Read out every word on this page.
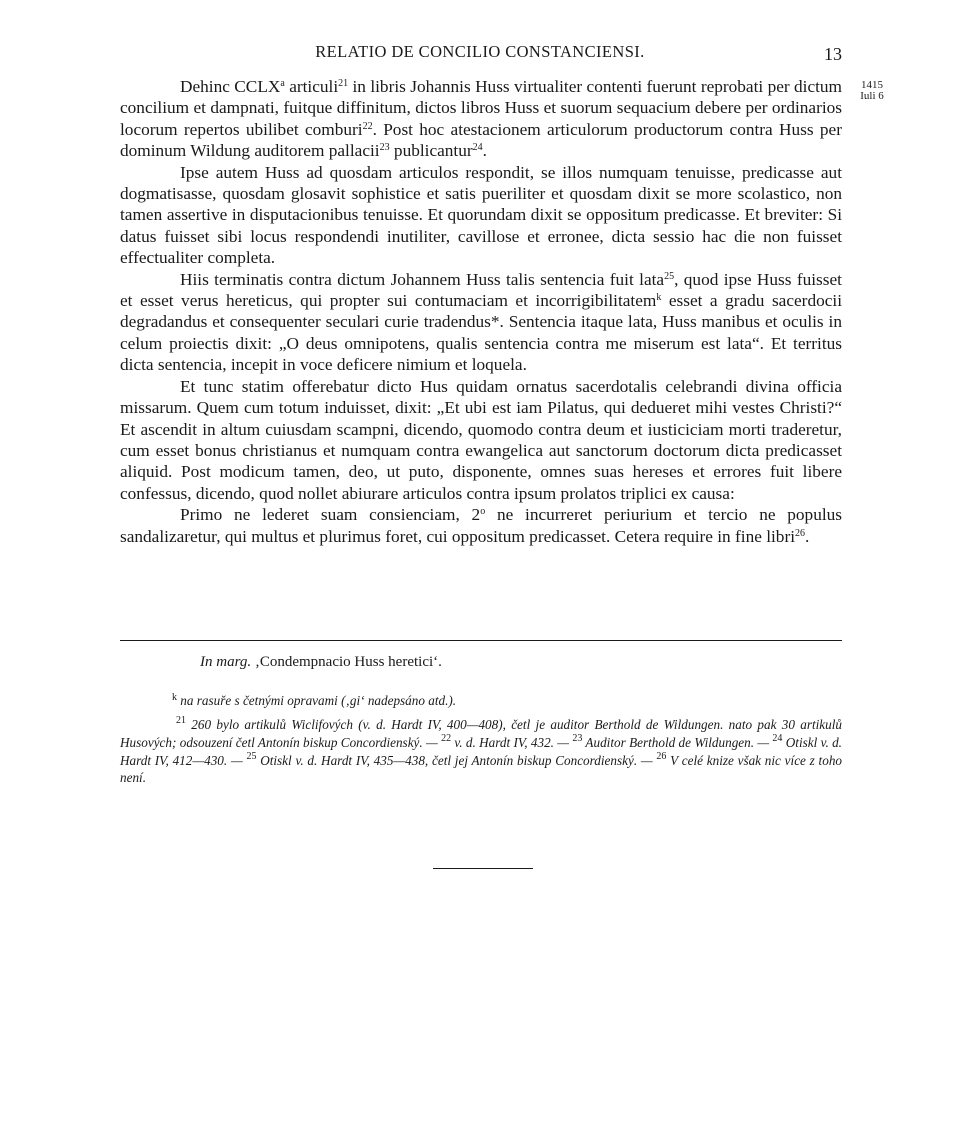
RELATIO DE CONCILIO CONSTANCIENSI.	13
1415
Iuli 6

Dehinc CCLX$^a$ articuli$^{21}$ in libris Johannis Huss virtualiter contenti fuerunt reprobati per dictum concilium et dampnati, fuitque diffinitum, dictos libros Huss et suorum sequacium debere per ordinarios locorum repertos ubilibet comburi$^{22}$. Post hoc atestacionem articulorum productorum contra Huss per dominum Wildung auditorem pallacii$^{23}$ publicantur$^{24}$.

Ipse autem Huss ad quosdam articulos respondit, se illos numquam tenuisse, predicasse aut dogmatisasse, quosdam glosavit sophistice et satis pueriliter et quosdam dixit se more scolastico, non tamen assertive in disputacionibus tenuisse. Et quorundam dixit se oppositum predicasse. Et breviter: Si datus fuisset sibi locus respondendi inutiliter, cavillose et erronee, dicta sessio hac die non fuisset effectualiter completa.

Hiis terminatis contra dictum Johannem Huss talis sentencia fuit lata$^{25}$, quod ipse Huss fuisset et esset verus hereticus, qui propter sui contumaciam et incorrigibilitatem$^k$ esset a gradu sacerdocii degradandus et consequenter seculari curie tradendus*. Sentencia itaque lata, Huss manibus et oculis in celum proiectis dixit: „O deus omnipotens, qualis sentencia contra me miserum est lata“. Et territus dicta sentencia, incepit in voce deficere nimium et loquela.

Et tunc statim offerebatur dicto Hus quidam ornatus sacerdotalis celebrandi divina officia missarum. Quem cum totum induisset, dixit: „Et ubi est iam Pilatus, qui dedueret mihi vestes Christi?“ Et ascendit in altum cuiusdam scampni, dicendo, quomodo contra deum et iusticiciam morti traderetur, cum esset bonus christianus et numquam contra ewangelica aut sanctorum doctorum dicta predicasset aliquid. Post modicum tamen, deo, ut puto, disponente, omnes suas hereses et errores fuit libere confessus, dicendo, quod nollet abiurare articulos contra ipsum prolatos triplici ex causa:

Primo ne lederet suam consienciam, 2$^o$ ne incurreret periurium et tercio ne populus sandalizaretur, qui multus et plurimus foret, cui oppositum predicasset. Cetera require in fine libri$^{26}$.

In marg. ‚Condempnacio Huss heretici‘.
$^k$ na rasuře s četnými opravami (‚gi‘ nadepsáno atd.).
$^{21}$ 260 bylo artikulů Wiclifových (v. d. Hardt IV, 400—408), četl je auditor Berthold de Wildungen. nato pak 30 artikulů Husových; odsouzení četl Antonín biskup Concordienský. — $^{22}$ v. d. Hardt IV, 432. — $^{23}$ Auditor Berthold de Wildungen. — $^{24}$ Otiskl v. d. Hardt IV, 412—430. — $^{25}$ Otiskl v. d. Hardt IV, 435—438, četl jej Antonín biskup Concordienský. — $^{26}$ V celé knize však nic více z toho není.
